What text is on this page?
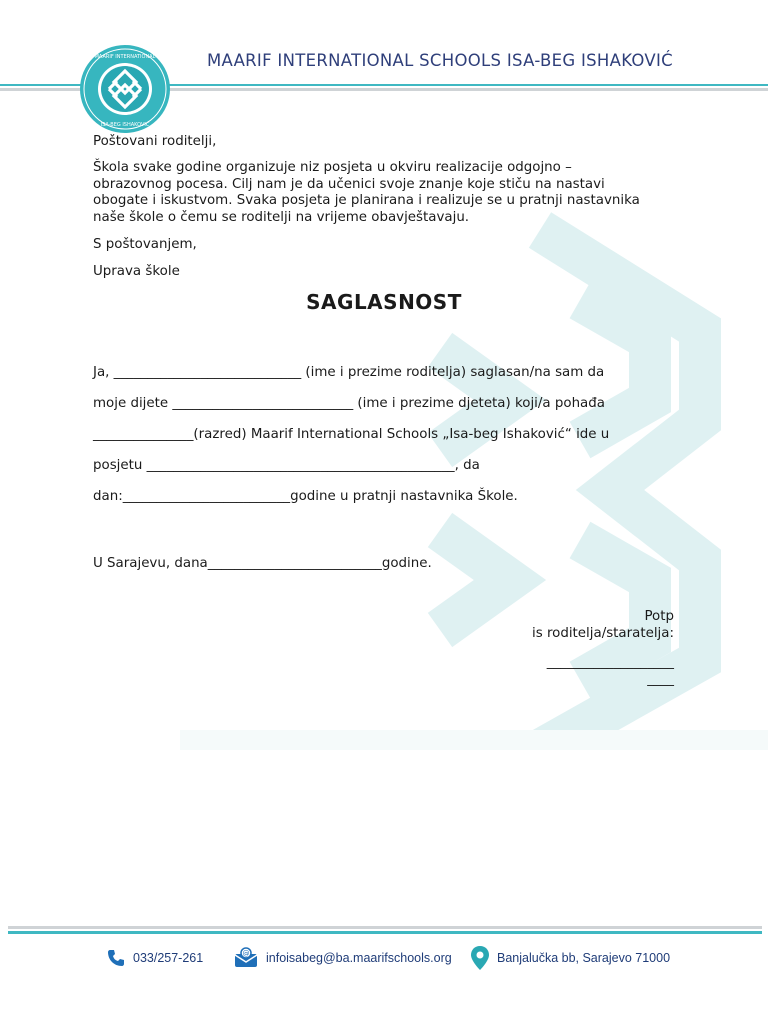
MAARIF INTERNATIONAL
ISA-BEG ISHAKOVIĆ
MAARIF INTERNATIONAL SCHOOLS ISA-BEG ISHAKOVIĆ
Poštovani roditelji,
Škola svake godine organizuje niz posjeta u okviru realizacije odgojno –
obrazovnog pocesa. Cilj nam je da učenici svoje znanje koje stiču na nastavi
obogate i iskustvom. Svaka posjeta je planirana i realizuje se u pratnji nastavnika
naše škole o čemu se roditelji na vrijeme obavještavaju.
S poštovanjem,
Uprava škole
SAGLASNOST
Ja, ____________________________ (ime i prezime roditelja) saglasan/na sam da
moje dijete ___________________________ (ime i prezime djeteta) koji/a pohađa
_______________(razred) Maarif International Schools „Isa-beg Ishaković“ ide u
posjetu ______________________________________________, da
dan:_________________________godine u pratnji nastavnika Škole.
U Sarajevu, dana__________________________godine.
Potp
is roditelja/staratelja:
___________________
____
033/257-261	@ infoisabeg@ba.maarifschools.org	Banjalučka bb, Sarajevo 71000
